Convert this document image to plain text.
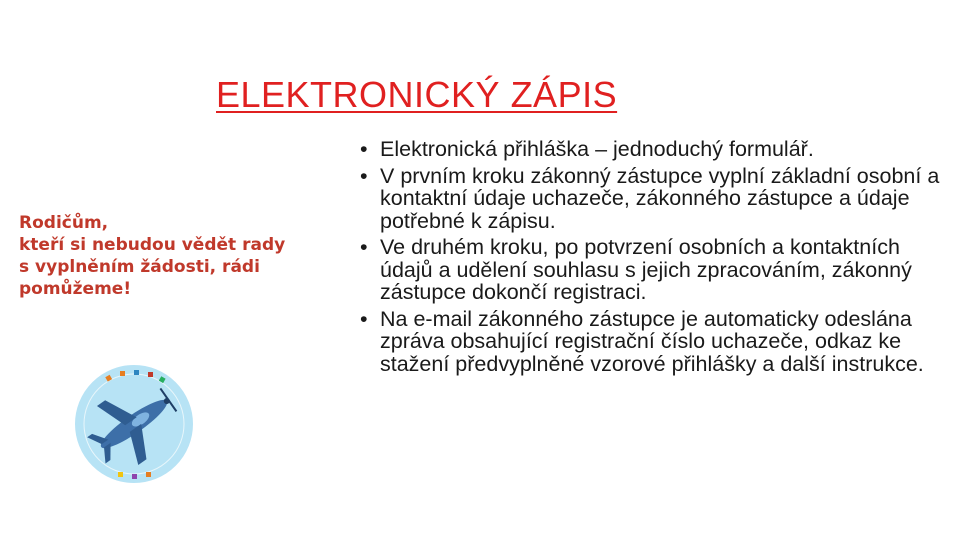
ELEKTRONICKÝ ZÁPIS
Rodičům,
kteří si nebudou vědět rady
s vyplněním žádosti, rádi
pomůžeme!
• Elektronická přihláška – jednoduchý formulář.
• V prvním kroku zákonný zástupce vyplní základní osobní a kontaktní údaje uchazeče, zákonného zástupce a údaje potřebné k zápisu.
• Ve druhém kroku, po potvrzení osobních a kontaktních údajů a udělení souhlasu s jejich zpracováním, zákonný zástupce dokončí registraci.
• Na e-mail zákonného zástupce je automaticky odeslána zpráva obsahující registrační číslo uchazeče, odkaz ke stažení předvyplněné vzorové přihlášky a další instrukce.
